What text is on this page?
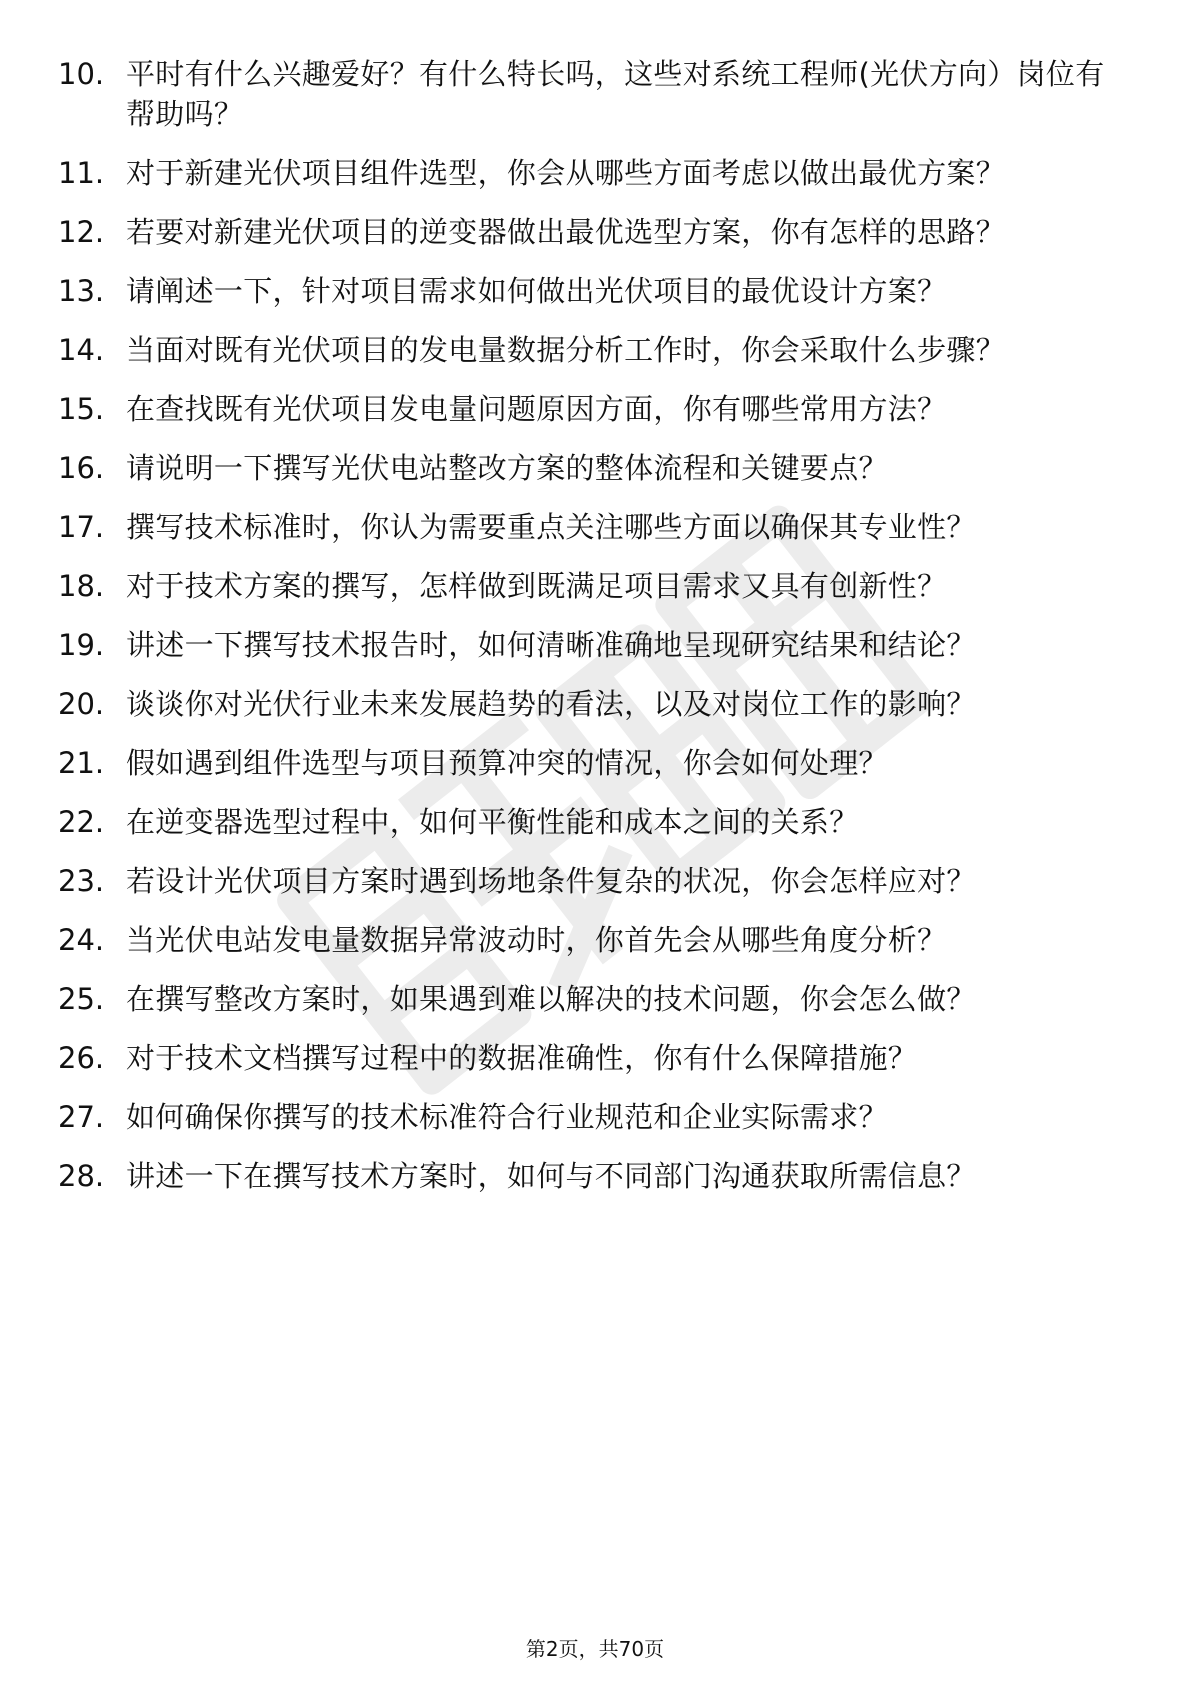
10. 平时有什么兴趣爱好？有什么特长吗，这些对系统工程师(光伏方向）岗位有帮助吗？
11. 对于新建光伏项目组件选型，你会从哪些方面考虑以做出最优方案？
12. 若要对新建光伏项目的逆变器做出最优选型方案，你有怎样的思路？
13. 请阐述一下，针对项目需求如何做出光伏项目的最优设计方案？
14. 当面对既有光伏项目的发电量数据分析工作时，你会采取什么步骤？
15. 在查找既有光伏项目发电量问题原因方面，你有哪些常用方法？
16. 请说明一下撰写光伏电站整改方案的整体流程和关键要点？
17. 撰写技术标准时，你认为需要重点关注哪些方面以确保其专业性？
18. 对于技术方案的撰写，怎样做到既满足项目需求又具有创新性？
19. 讲述一下撰写技术报告时，如何清晰准确地呈现研究结果和结论？
20. 谈谈你对光伏行业未来发展趋势的看法，以及对岗位工作的影响？
21. 假如遇到组件选型与项目预算冲突的情况，你会如何处理？
22. 在逆变器选型过程中，如何平衡性能和成本之间的关系？
23. 若设计光伏项目方案时遇到场地条件复杂的状况，你会怎样应对？
24. 当光伏电站发电量数据异常波动时，你首先会从哪些角度分析？
25. 在撰写整改方案时，如果遇到难以解决的技术问题，你会怎么做？
26. 对于技术文档撰写过程中的数据准确性，你有什么保障措施？
27. 如何确保你撰写的技术标准符合行业规范和企业实际需求？
28. 讲述一下在撰写技术方案时，如何与不同部门沟通获取所需信息？
第2页，共70页
